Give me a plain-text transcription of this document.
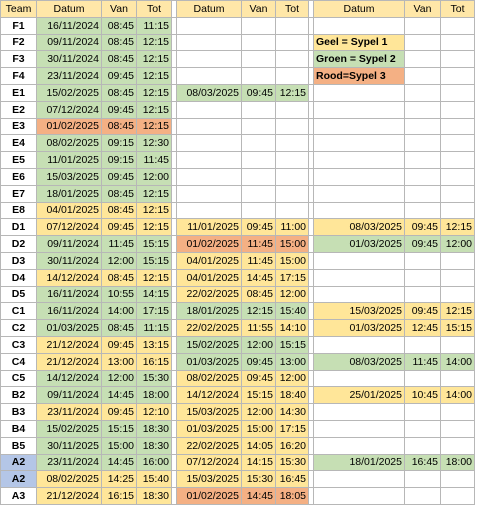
Team	Datum	Van	Tot		Datum	Van	Tot		Datum	Van	Tot
F1	16/11/2024	08:45	11:15								
F2	09/11/2024	08:45	12:15						Geel = Sypel 1		
F3	30/11/2024	08:45	12:15						Groen = Sypel 2		
F4	23/11/2024	09:45	12:15						Rood=Sypel 3		
E1	15/02/2025	08:45	12:15		08/03/2025	09:45	12:15				
E2	07/12/2024	09:45	12:15								
E3	01/02/2025	08:45	12:15								
E4	08/02/2025	09:15	12:30								
E5	11/01/2025	09:15	11:45								
E6	15/03/2025	09:45	12:00								
E7	18/01/2025	08:45	12:15								
E8	04/01/2025	08:45	12:15								
D1	07/12/2024	09:45	12:15		11/01/2025	09:45	11:00		08/03/2025	09:45	12:15
D2	09/11/2024	11:45	15:15		01/02/2025	11:45	15:00		01/03/2025	09:45	12:00
D3	30/11/2024	12:00	15:15		04/01/2025	11:45	15:00				
D4	14/12/2024	08:45	12:15		04/01/2025	14:45	17:15				
D5	16/11/2024	10:55	14:15		22/02/2025	08:45	12:00				
C1	16/11/2024	14:00	17:15		18/01/2025	12:15	15:40		15/03/2025	09:45	12:15
C2	01/03/2025	08:45	11:15		22/02/2025	11:55	14:10		01/03/2025	12:45	15:15
C3	21/12/2024	09:45	13:15		15/02/2025	12:00	15:15				
C4	21/12/2024	13:00	16:15		01/03/2025	09:45	13:00		08/03/2025	11:45	14:00
C5	14/12/2024	12:00	15:30		08/02/2025	09:45	12:00				
B2	09/11/2024	14:45	18:00		14/12/2024	15:15	18:40		25/01/2025	10:45	14:00
B3	23/11/2024	09:45	12:10		15/03/2025	12:00	14:30				
B4	15/02/2025	15:15	18:30		01/03/2025	15:00	17:15				
B5	30/11/2025	15:00	18:30		22/02/2025	14:05	16:20				
A2	23/11/2024	14:45	16:00		07/12/2024	14:15	15:30		18/01/2025	16:45	18:00
A2	08/02/2025	14:25	15:40		15/03/2025	15:30	16:45				
A3	21/12/2024	16:15	18:30		01/02/2025	14:45	18:05				
